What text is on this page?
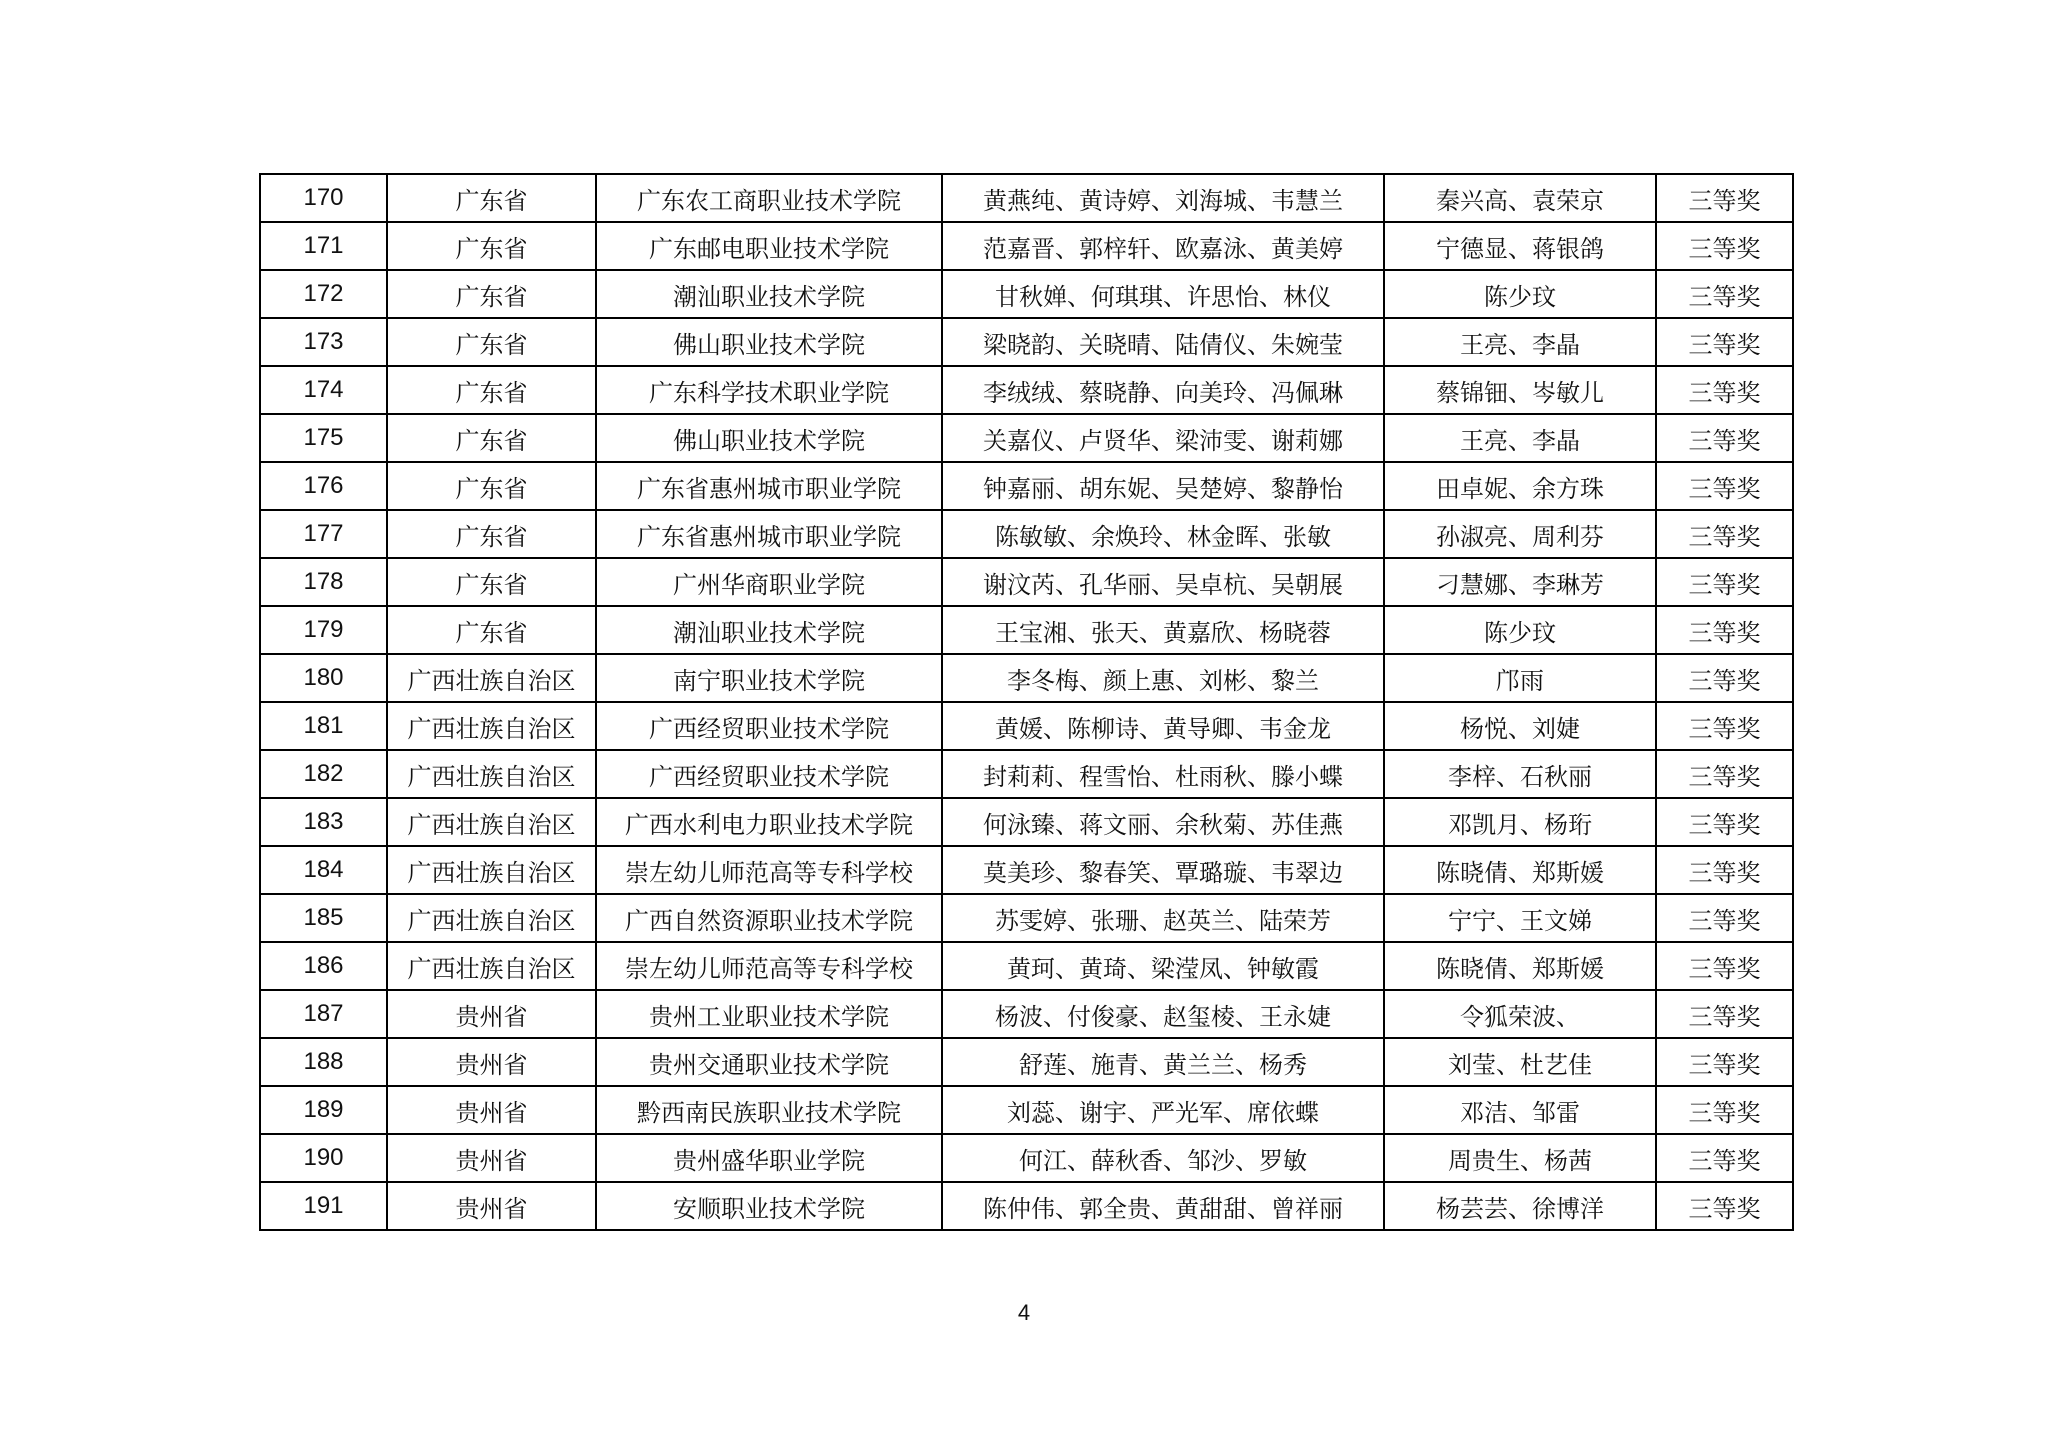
170	广东省	广东农工商职业技术学院	黄燕纯、黄诗婷、刘海城、韦慧兰	秦兴高、袁荣京	三等奖
171	广东省	广东邮电职业技术学院	范嘉晋、郭梓轩、欧嘉泳、黄美婷	宁德显、蒋银鸽	三等奖
172	广东省	潮汕职业技术学院	甘秋婵、何琪琪、许思怡、林仪	陈少玟	三等奖
173	广东省	佛山职业技术学院	梁晓韵、关晓晴、陆倩仪、朱婉莹	王亮、李晶	三等奖
174	广东省	广东科学技术职业学院	李绒绒、蔡晓静、向美玲、冯佩琳	蔡锦钿、岑敏儿	三等奖
175	广东省	佛山职业技术学院	关嘉仪、卢贤华、梁沛雯、谢莉娜	王亮、李晶	三等奖
176	广东省	广东省惠州城市职业学院	钟嘉丽、胡东妮、吴楚婷、黎静怡	田卓妮、余方珠	三等奖
177	广东省	广东省惠州城市职业学院	陈敏敏、余焕玲、林金晖、张敏	孙淑亮、周利芬	三等奖
178	广东省	广州华商职业学院	谢汶芮、孔华丽、吴卓杭、吴朝展	刁慧娜、李琳芳	三等奖
179	广东省	潮汕职业技术学院	王宝湘、张天、黄嘉欣、杨晓蓉	陈少玟	三等奖
180	广西壮族自治区	南宁职业技术学院	李冬梅、颜上惠、刘彬、黎兰	邝雨	三等奖
181	广西壮族自治区	广西经贸职业技术学院	黄媛、陈柳诗、黄导卿、韦金龙	杨悦、刘婕	三等奖
182	广西壮族自治区	广西经贸职业技术学院	封莉莉、程雪怡、杜雨秋、滕小蝶	李梓、石秋丽	三等奖
183	广西壮族自治区	广西水利电力职业技术学院	何泳臻、蒋文丽、余秋菊、苏佳燕	邓凯月、杨珩	三等奖
184	广西壮族自治区	崇左幼儿师范高等专科学校	莫美珍、黎春笑、覃璐璇、韦翠边	陈晓倩、郑斯媛	三等奖
185	广西壮族自治区	广西自然资源职业技术学院	苏雯婷、张珊、赵英兰、陆荣芳	宁宁、王文娣	三等奖
186	广西壮族自治区	崇左幼儿师范高等专科学校	黄珂、黄琦、梁滢凤、钟敏霞	陈晓倩、郑斯媛	三等奖
187	贵州省	贵州工业职业技术学院	杨波、付俊豪、赵玺棱、王永婕	令狐荣波、	三等奖
188	贵州省	贵州交通职业技术学院	舒莲、施青、黄兰兰、杨秀	刘莹、杜艺佳	三等奖
189	贵州省	黔西南民族职业技术学院	刘蕊、谢宇、严光军、席依蝶	邓洁、邹雷	三等奖
190	贵州省	贵州盛华职业学院	何江、薛秋香、邹沙、罗敏	周贵生、杨茜	三等奖
191	贵州省	安顺职业技术学院	陈仲伟、郭全贵、黄甜甜、曾祥丽	杨芸芸、徐博洋	三等奖
4
